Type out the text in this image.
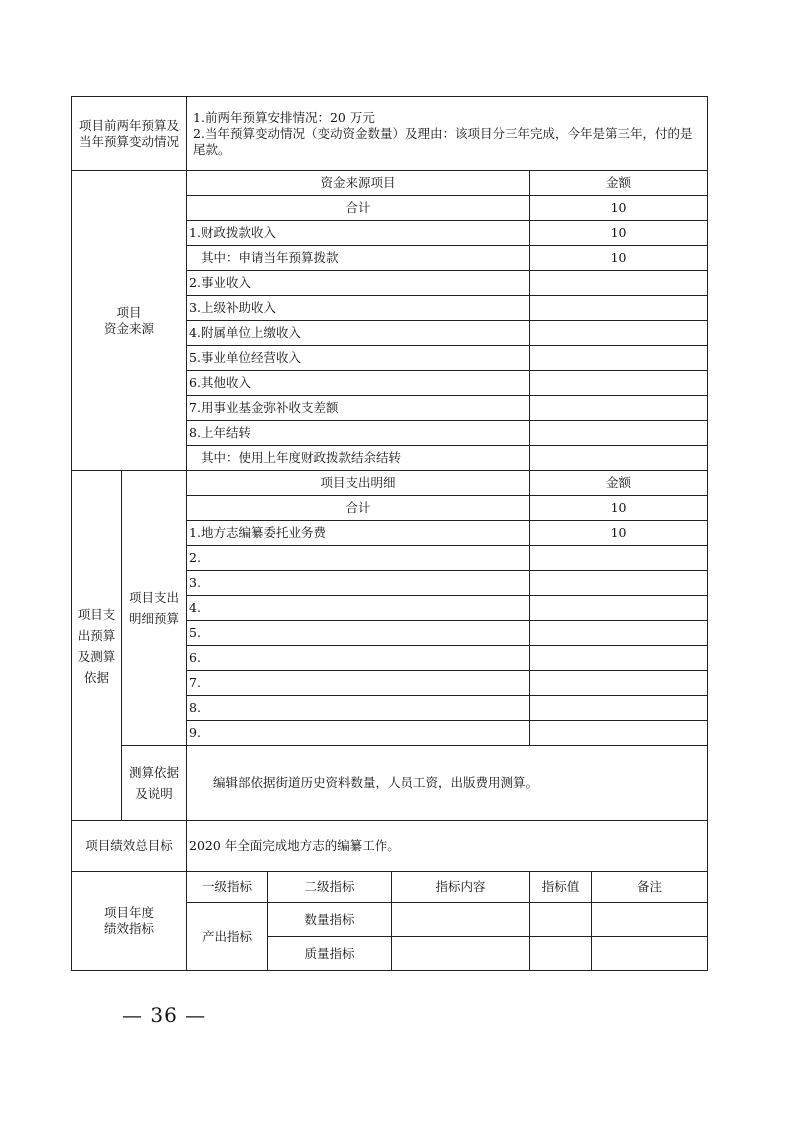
项目前两年预算及当年预算变动情况		1.前两年预算安排情况：20 万元
2.当年预算变动情况（变动资金数量）及理由：该项目分三年完成，今年是第三年，付的是尾款。				

项目
资金来源		资金来源项目			金额	
		合计			10	
		1.财政拨款收入			10	
		其中：申请当年预算拨款			10	
		2.事业收入				
		3.上级补助收入				
		4.附属单位上缴收入				
		5.事业单位经营收入				
		6.其他收入				
		7.用事业基金弥补收支差额				
		8.上年结转				
		其中：使用上年度财政拨款结余结转				
项目支出预算及测算依据	项目支出明细预算	项目支出明细			金额	
		合计			10	
		1.地方志编纂委托业务费			10	
		2.				
		3.				
		4.				
		5.				
		6.				
		7.				
		8.				
		9.				
	测算依据及说明	编辑部依据街道历史资料数量，人员工资，出版费用测算。				
项目绩效总目标		2020 年全面完成地方志的编纂工作。				
项目年度
绩效指标		一级指标	二级指标	指标内容	指标值	备注
		产出指标	数量指标			
			质量指标			
— 36 —
